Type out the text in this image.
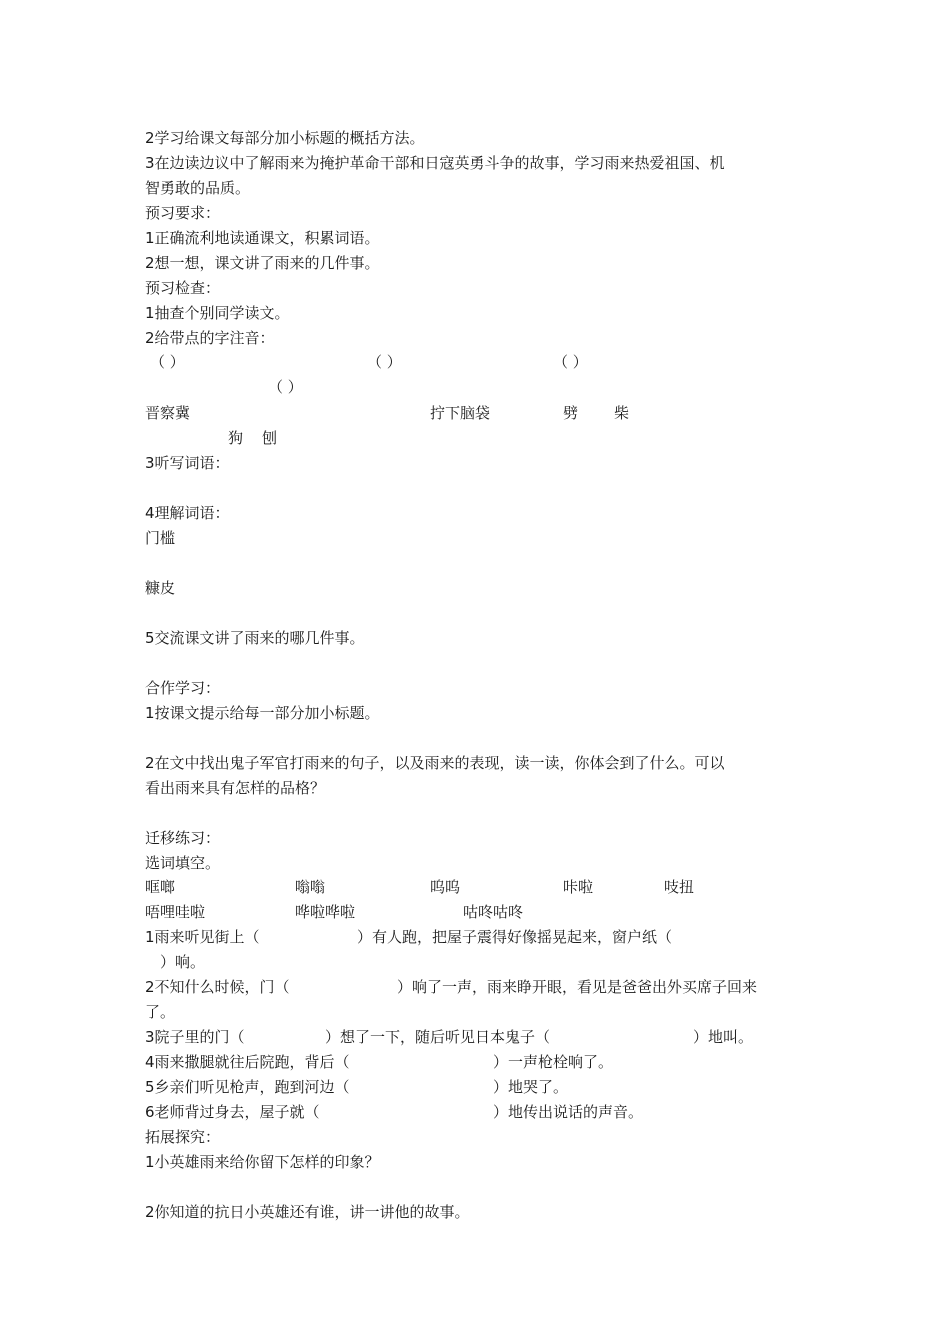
2学习给课文每部分加小标题的概括方法。
3在边读边议中了解雨来为掩护革命干部和日寇英勇斗争的故事，学习雨来热爱祖国、机
智勇敢的品质。
预习要求：
1正确流利地读通课文，积累词语。
2想一想，课文讲了雨来的几件事。
预习检查：
1抽查个别同学读文。
2给带点的字注音：
（ ）	（ ）	（ ）
（ ）
晋察冀	拧下脑袋	劈 柴
狗 刨
3听写词语：
4理解词语：
门槛
糠皮
5交流课文讲了雨来的哪几件事。
合作学习：
1按课文提示给每一部分加小标题。
2在文中找出鬼子军官打雨来的句子，以及雨来的表现，读一读，你体会到了什么。可以
看出雨来具有怎样的品格？
迁移练习：
选词填空。
哐啷	嗡嗡	呜呜	咔啦	吱扭
唔哩哇啦	哗啦哗啦	咕咚咕咚
1雨来听见街上（	）有人跑，把屋子震得好像摇晃起来，窗户纸（
）响。
2不知什么时候，门（	）响了一声，雨来睁开眼，看见是爸爸出外买席子回来
了。
3院子里的门（	）想了一下，随后听见日本鬼子（	）地叫。
4雨来撒腿就往后院跑，背后（	）一声枪栓响了。
5乡亲们听见枪声，跑到河边（	）地哭了。
6老师背过身去，屋子就（	）地传出说话的声音。
拓展探究：
1小英雄雨来给你留下怎样的印象？
2你知道的抗日小英雄还有谁，讲一讲他的故事。
